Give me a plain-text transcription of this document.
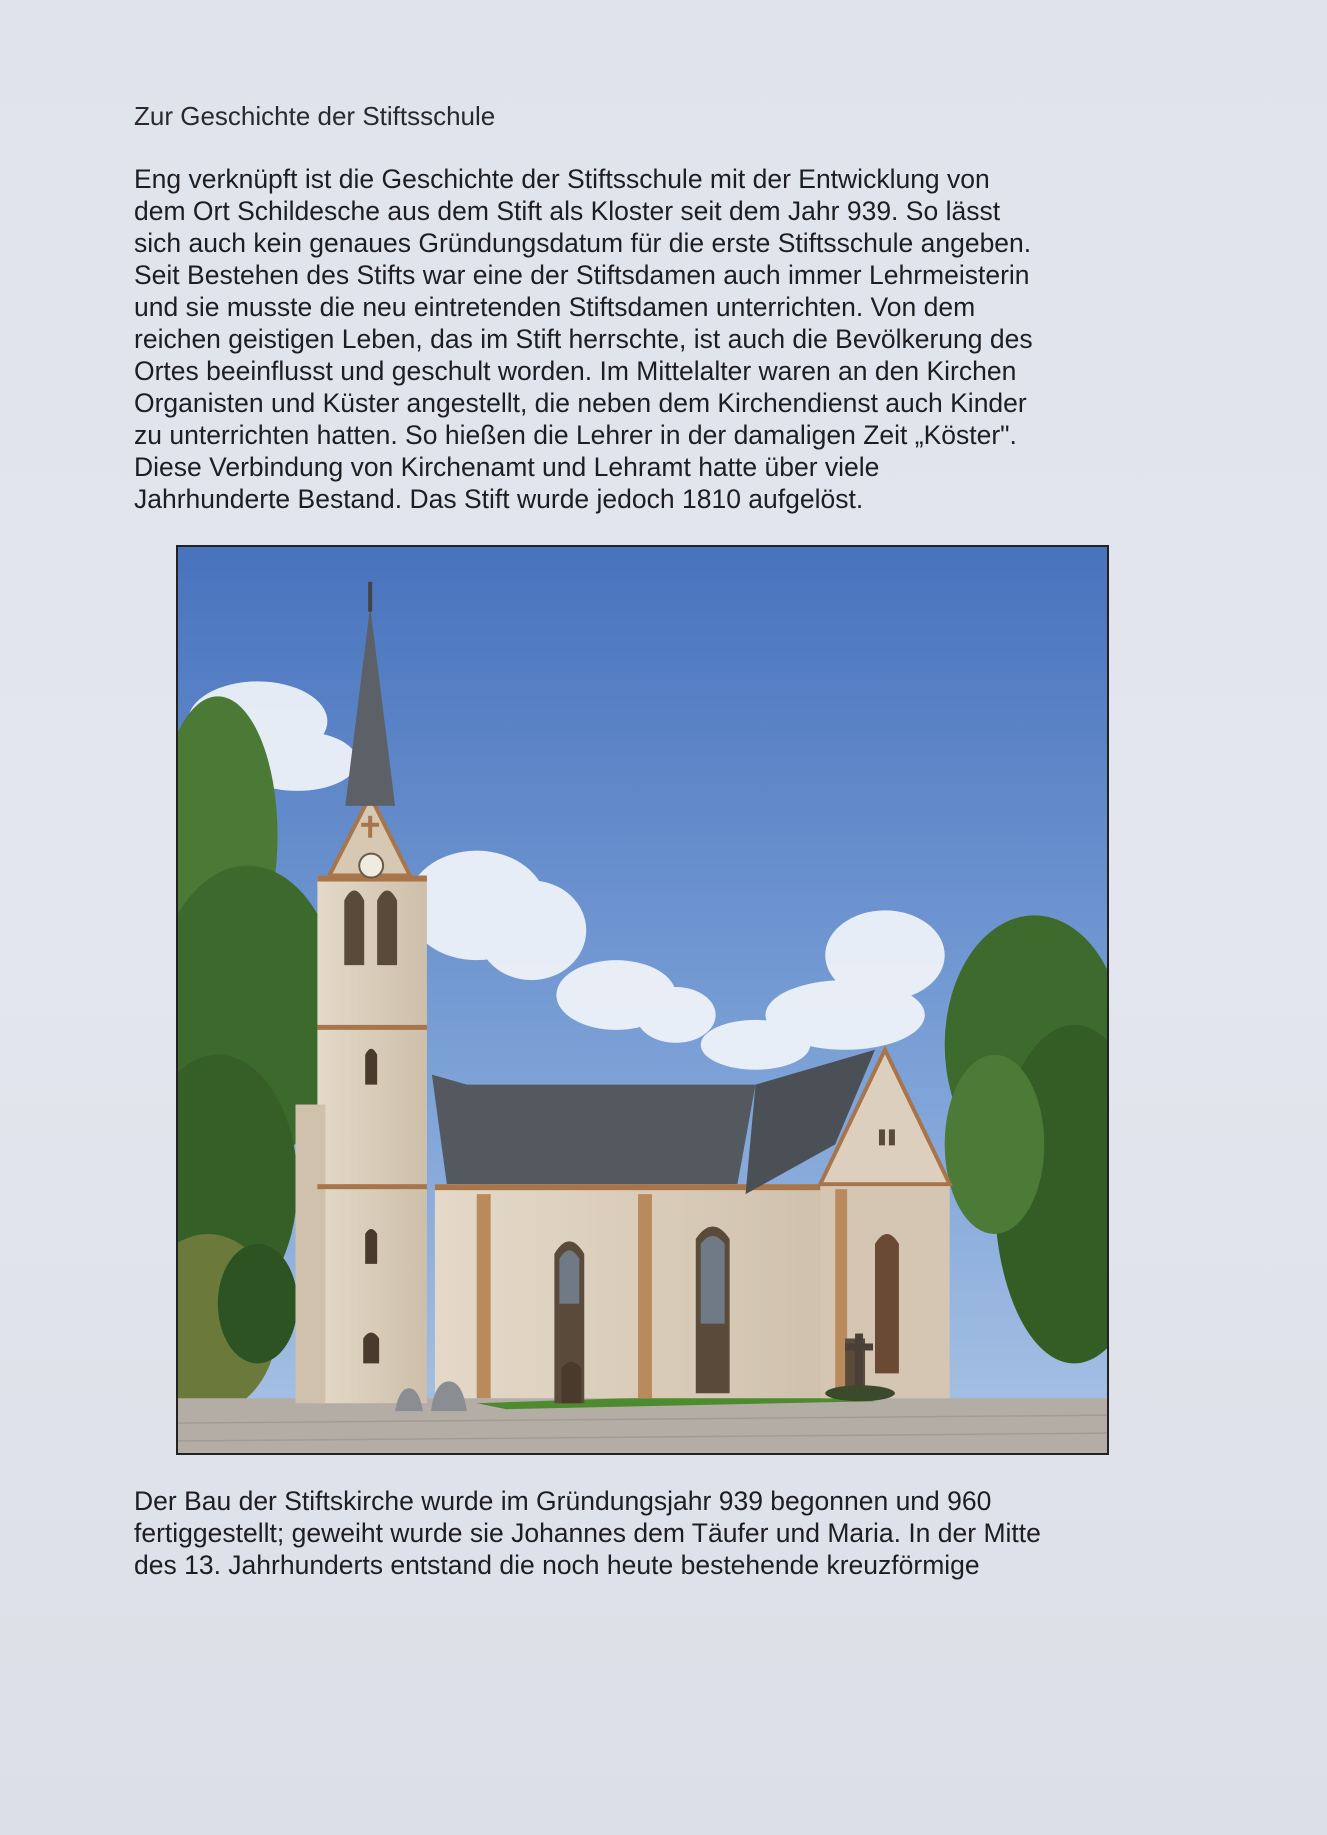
Zur Geschichte der Stiftsschule
Eng verknüpft ist die Geschichte der Stiftsschule mit der Entwicklung von
dem Ort Schildesche aus dem Stift als Kloster seit dem Jahr 939. So lässt
sich auch kein genaues Gründungsdatum für die erste Stiftsschule angeben.
Seit Bestehen des Stifts war eine der Stiftsdamen auch immer Lehrmeisterin
und sie musste die neu eintretenden Stiftsdamen unterrichten. Von dem
reichen geistigen Leben, das im Stift herrschte, ist auch die Bevölkerung des
Ortes beeinflusst und geschult worden. Im Mittelalter waren an den Kirchen
Organisten und Küster angestellt, die neben dem Kirchendienst auch Kinder
zu unterrichten hatten. So hießen die Lehrer in der damaligen Zeit „Köster".
Diese Verbindung von Kirchenamt und Lehramt hatte über viele
Jahrhunderte Bestand. Das Stift wurde jedoch 1810 aufgelöst.
Der Bau der Stiftskirche wurde im Gründungsjahr 939 begonnen und 960
fertiggestellt; geweiht wurde sie Johannes dem Täufer und Maria. In der Mitte
des 13. Jahrhunderts entstand die noch heute bestehende kreuzförmige
